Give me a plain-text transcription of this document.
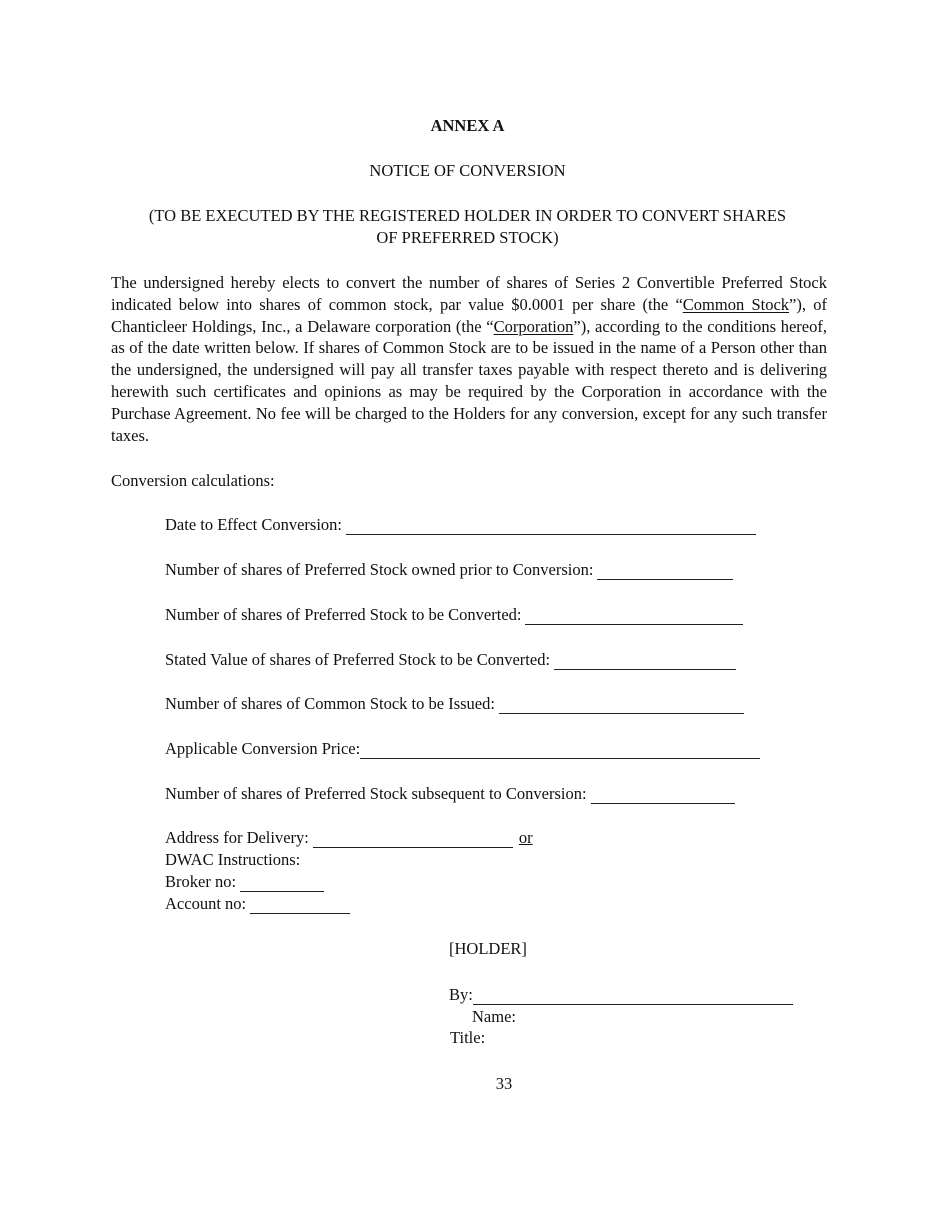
ANNEX A
NOTICE OF CONVERSION
(TO BE EXECUTED BY THE REGISTERED HOLDER IN ORDER TO CONVERT SHARES
OF PREFERRED STOCK)
The undersigned hereby elects to convert the number of shares of Series 2 Convertible Preferred Stock indicated below into shares of common stock, par value $0.0001 per share (the “Common Stock”), of Chanticleer Holdings, Inc., a Delaware corporation (the “Corporation”), according to the conditions hereof, as of the date written below. If shares of Common Stock are to be issued in the name of a Person other than the undersigned, the undersigned will pay all transfer taxes payable with respect thereto and is delivering herewith such certificates and opinions as may be required by the Corporation in accordance with the Purchase Agreement. No fee will be charged to the Holders for any conversion, except for any such transfer taxes.
Conversion calculations:
Date to Effect Conversion:
Number of shares of Preferred Stock owned prior to Conversion:
Number of shares of Preferred Stock to be Converted:
Stated Value of shares of Preferred Stock to be Converted:
Number of shares of Common Stock to be Issued:
Applicable Conversion Price:
Number of shares of Preferred Stock subsequent to Conversion:
Address for Delivery:	or
DWAC Instructions:
Broker no:
Account no:
[HOLDER]
By:
Name:
Title:
33
